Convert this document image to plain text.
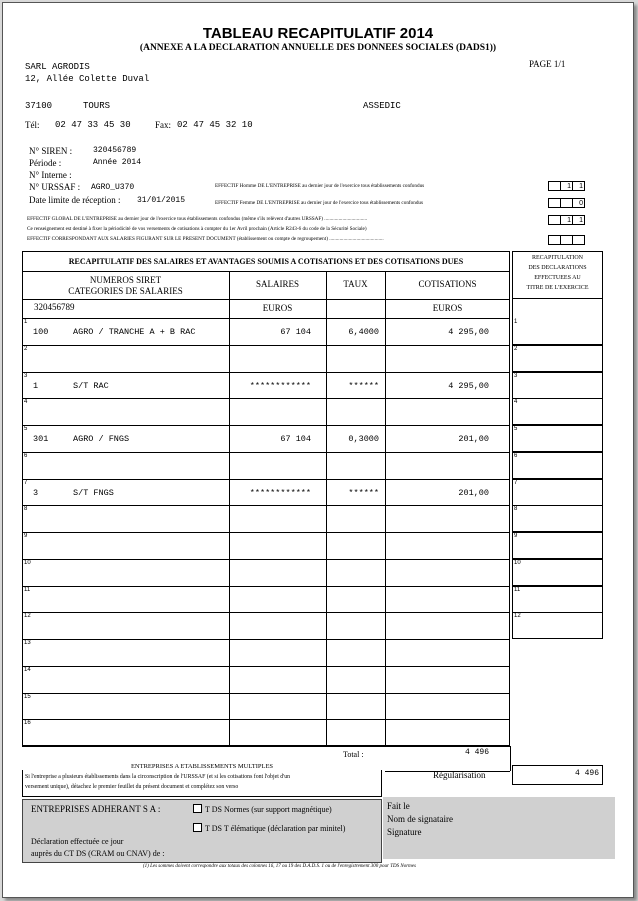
TABLEAU RECAPITULATIF 2014
(ANNEXE A LA DECLARATION ANNUELLE DES DONNEES SOCIALES (DADS1))
PAGE 1/1
SARL AGRODIS
12, Allée Colette Duval
37100	TOURS	ASSEDIC
Tél: 02 47 33 45 30	Fax: 02 47 45 32 10
N° SIREN :	320456789
Période :	Année 2014
N° Interne :
N° URSSAF : AGRO_U370
Date limite de réception : 31/01/2015
EFFECTIF Homme DE L'ENTREPRISE au dernier jour de l'exercice tous établissements confondus	1	1
EFFECTIF Femme DE L'ENTREPRISE au dernier jour de l'exercice tous établissements confondus	0
EFFECTIF GLOBAL DE L'ENTREPRISE au dernier jour de l'exercice tous établissements confondus (même s'ils relèvent d'autres URSSAF) .................................	1	1
Ce renseignement est destiné à fixer la périodicité de vos versements de cotisations à compter du 1er Avril prochain (Article R243-6 du code de la Sécurité Sociale)
EFFECTIF CORRESPONDANT AUX SALARIES FIGURANT SUR LE PRESENT DOCUMENT (établissement ou compte de regroupement) ..........................................
RECAPITULATIF DES SALAIRES ET AVANTAGES SOUMIS A COTISATIONS ET DES COTISATIONS DUES
NUMEROS SIRET
CATEGORIES DE SALARIES
SALAIRES	TAUX	COTISATIONS
320456789	EUROS	EUROS
1
100	AGRO / TRANCHE A + B RAC	67 104	6,4000	4 295,00
2
3
1	S/T RAC	************	******	4 295,00
4
5
301	AGRO / FNGS	67 104	0,3000	201,00
6
7
3	S/T FNGS	************	******	201,00
8
9
10
11
12
13
14
15
16
Total :	4 496
RECAPITULATION
DES DECLARATIONS
EFFECTUEES AU
TITRE DE L'EXERCICE
1
2
3
4
5
6
7
8
9
10
11
12
Régularisation	4 496
ENTREPRISES A ETABLISSEMENTS MULTIPLES
Si l'entreprise a plusieurs établissements dans la circonscription de l'URSSAF (et si les cotisations font l'objet d'un
versement unique), détachez le premier feuillet du présent document et complétez son verso
ENTREPRISES ADHERANT S A :	T DS Normes (sur support magnétique)
T DS T élématique (déclaration par minitel)
Déclaration effectuée ce jour
auprès du CT DS (CRAM ou CNAV) de :
Fait le
Nom de signataire
Signature
(1) Les sommes doivent correspondre aux totaux des colonnes 16, 17 ou 19 des D.A.D.S. 1 ou de l'enregistrement 300 pour TDS Normes
